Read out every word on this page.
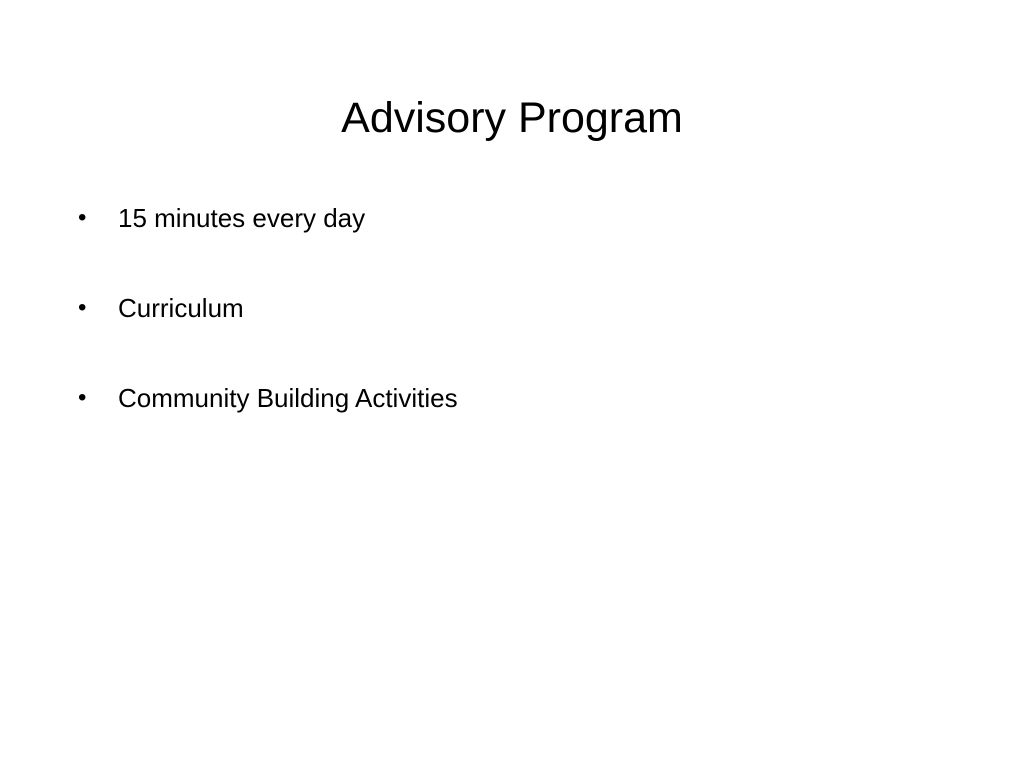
Advisory Program
• 15 minutes every day
• Curriculum
• Community Building Activities
